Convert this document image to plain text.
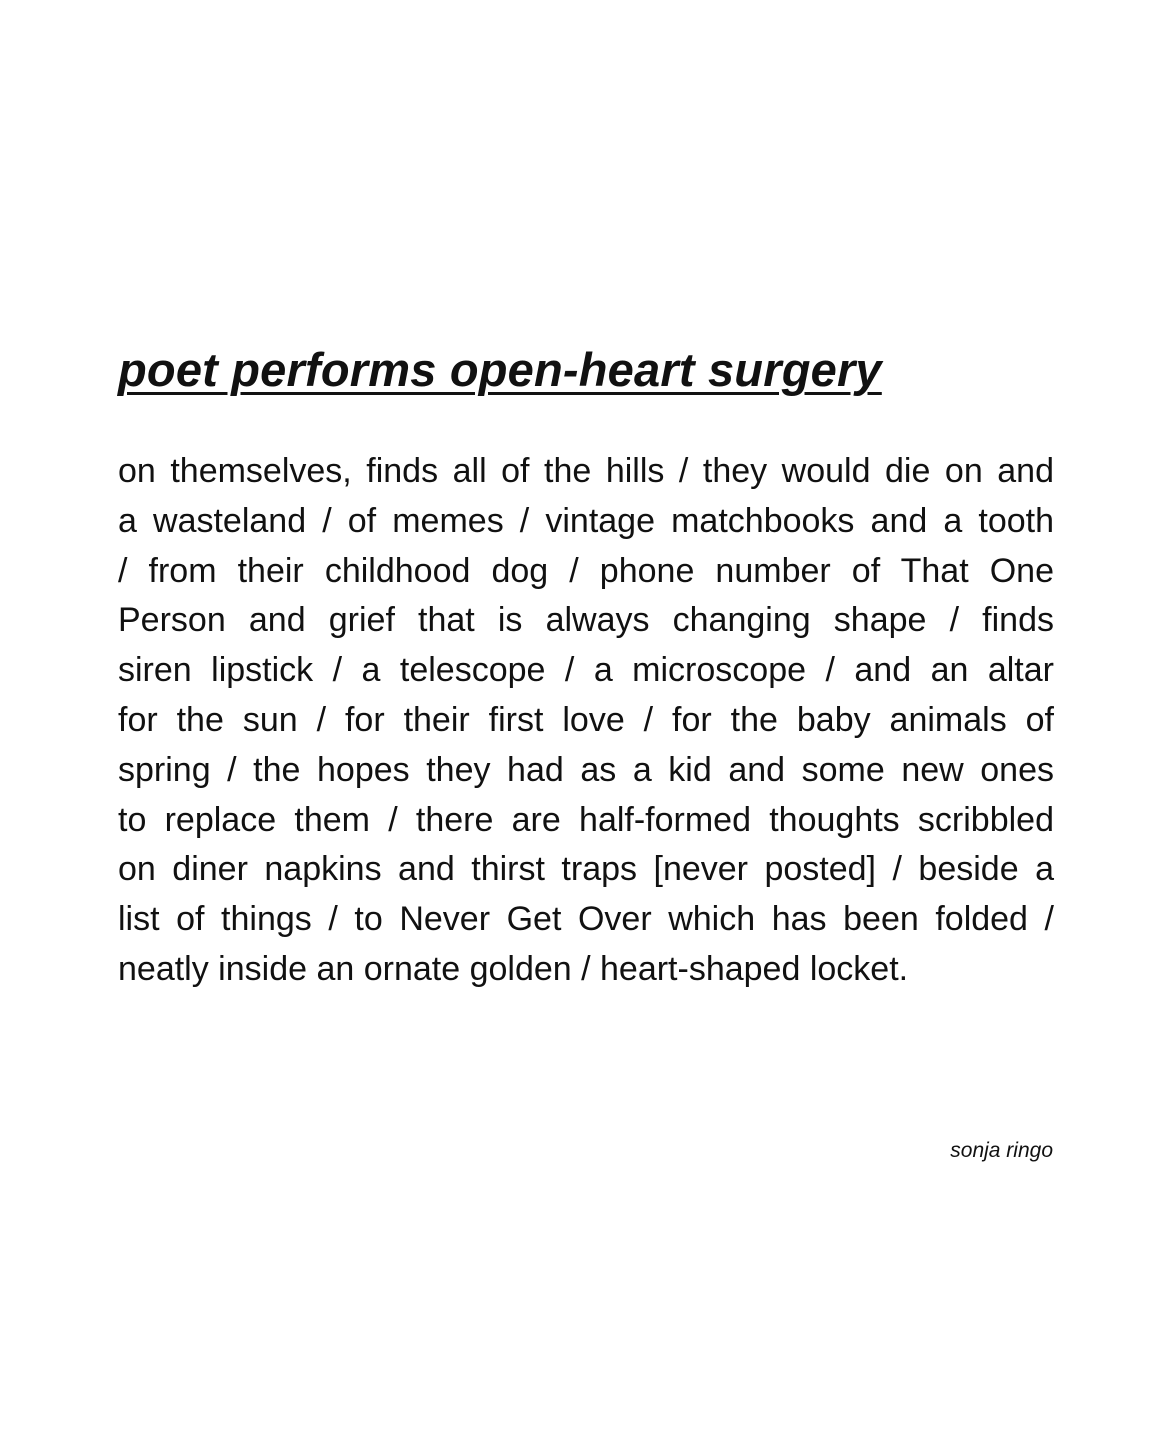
poet performs open-heart surgery
on themselves, finds all of the hills / they would die on and
a wasteland / of memes / vintage matchbooks and a tooth
/ from their childhood dog / phone number of That One
Person and grief that is always changing shape / finds
siren lipstick / a telescope / a microscope / and an altar
for the sun / for their first love / for the baby animals of
spring / the hopes they had as a kid and some new ones
to replace them / there are half-formed thoughts scribbled
on diner napkins and thirst traps [never posted] / beside a
list of things / to Never Get Over which has been folded /
neatly inside an ornate golden / heart-shaped locket.
sonja ringo
